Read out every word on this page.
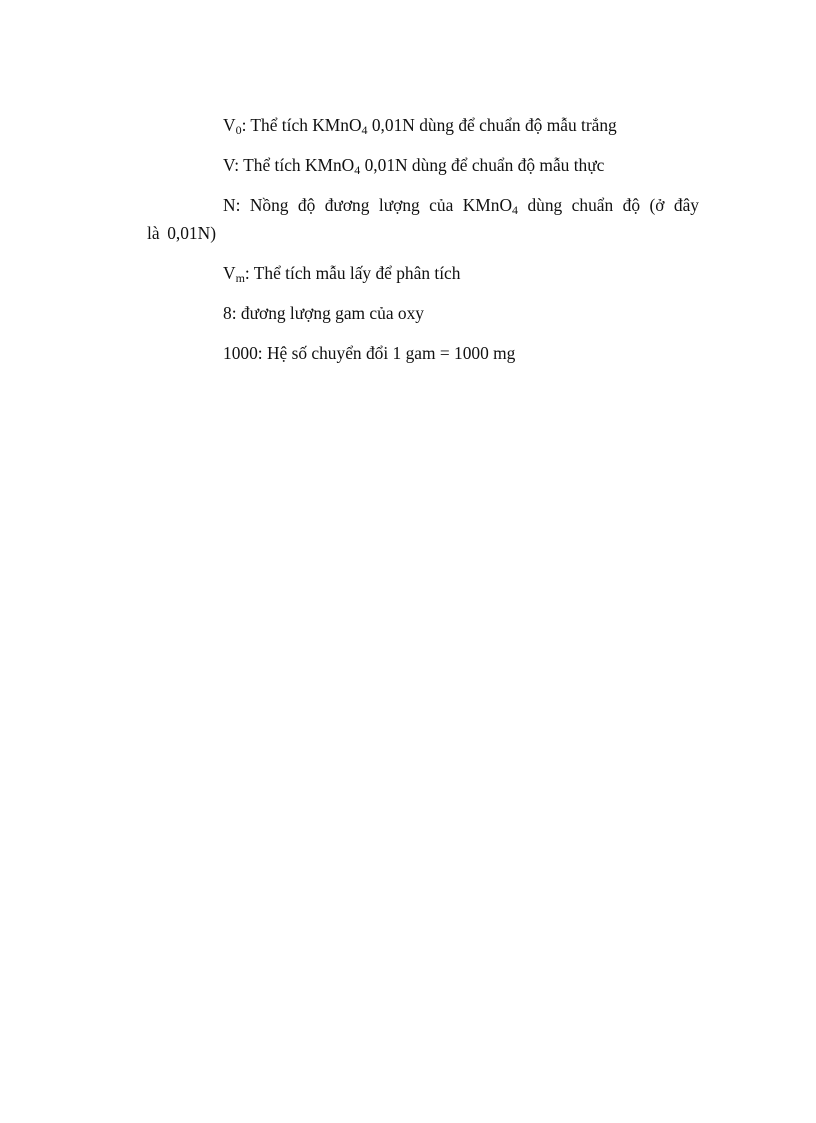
$V_0$: Thể tích KMnO$_4$ 0,01N dùng để chuẩn độ mẫu trắng

V: Thể tích KMnO$_4$ 0,01N dùng để chuẩn độ mẫu thực

N: Nồng độ đương lượng của KMnO$_4$ dùng chuẩn độ (ở đây là 0,01N)

$V_m$: Thể tích mẫu lấy để phân tích

8: đương lượng gam của oxy

1000: Hệ số chuyển đổi 1 gam = 1000 mg
